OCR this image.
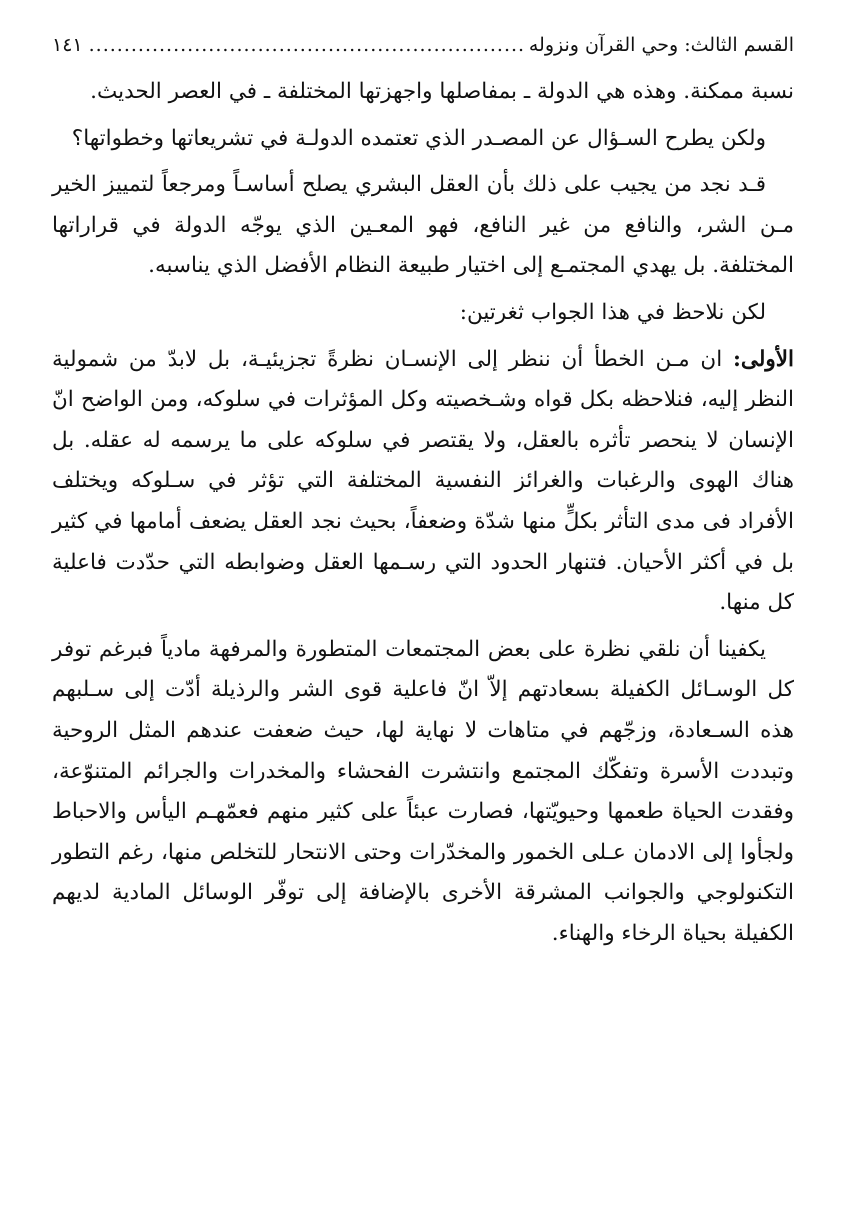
القسم الثالث: وحي القرآن ونزوله
.....
١٤١

نسبة ممكنة. وهذه هي الدولة ـ بمفاصلها واجهزتها المختلفة ـ في العصر الحديث.

ولكن يطرح السـؤال عن المصـدر الذي تعتمده الدولـة في تشريعاتها وخطواتها؟

قـد نجد من يجيب على ذلك بأن العقل البشري يصلح أساسـاً ومرجعاً لتمييز الخير مـن الشر، والنافع من غير النافع، فهو المعـين الذي يوجّه الدولة في قراراتها المختلفة. بل يهدي المجتمـع إلى اختيار طبيعة النظام الأفضل الذي يناسبه.

لكن نلاحظ في هذا الجواب ثغرتين:

الأولى: ان مـن الخطأ أن ننظر إلى الإنسـان نظرةً تجزيئيـة، بل لابدّ من شمولية النظر إليه، فنلاحظه بكل قواه وشـخصيته وكل المؤثرات في سلوكه، ومن الواضح انّ الإنسان لا ينحصر تأثره بالعقل، ولا يقتصر في سلوكه على ما يرسمه له عقله. بل هناك الهوى والرغبات والغرائز النفسية المختلفة التي تؤثر في سـلوكه ويختلف الأفراد فى مدى التأثر بكلٍّ منها شدّة وضعفاً، بحيث نجد العقل يضعف أمامها في كثير بل في أكثر الأحيان. فتنهار الحدود التي رسـمها العقل وضوابطه التي حدّدت فاعلية كل منها.

يكفينا أن نلقي نظرة على بعض المجتمعات المتطورة والمرفهة مادياً فبرغم توفر كل الوسـائل الكفيلة بسعادتهم إلاّ انّ فاعلية قوى الشر والرذيلة أدّت إلى سـلبهم هذه السـعادة، وزجّهم في متاهات لا نهاية لها، حيث ضعفت عندهم المثل الروحية وتبددت الأسرة وتفكّك المجتمع وانتشرت الفحشاء والمخدرات والجرائم المتنوّعة، وفقدت الحياة طعمها وحيويّتها، فصارت عبئاً على كثير منهم فعمّهـم اليأس والاحباط ولجأوا إلى الادمان عـلى الخمور والمخدّرات وحتى الانتحار للتخلص منها، رغم التطور التكنولوجي والجوانب المشرقة الأخرى بالإضافة إلى توفّر الوسائل المادية لديهم الكفيلة بحياة الرخاء والهناء.
